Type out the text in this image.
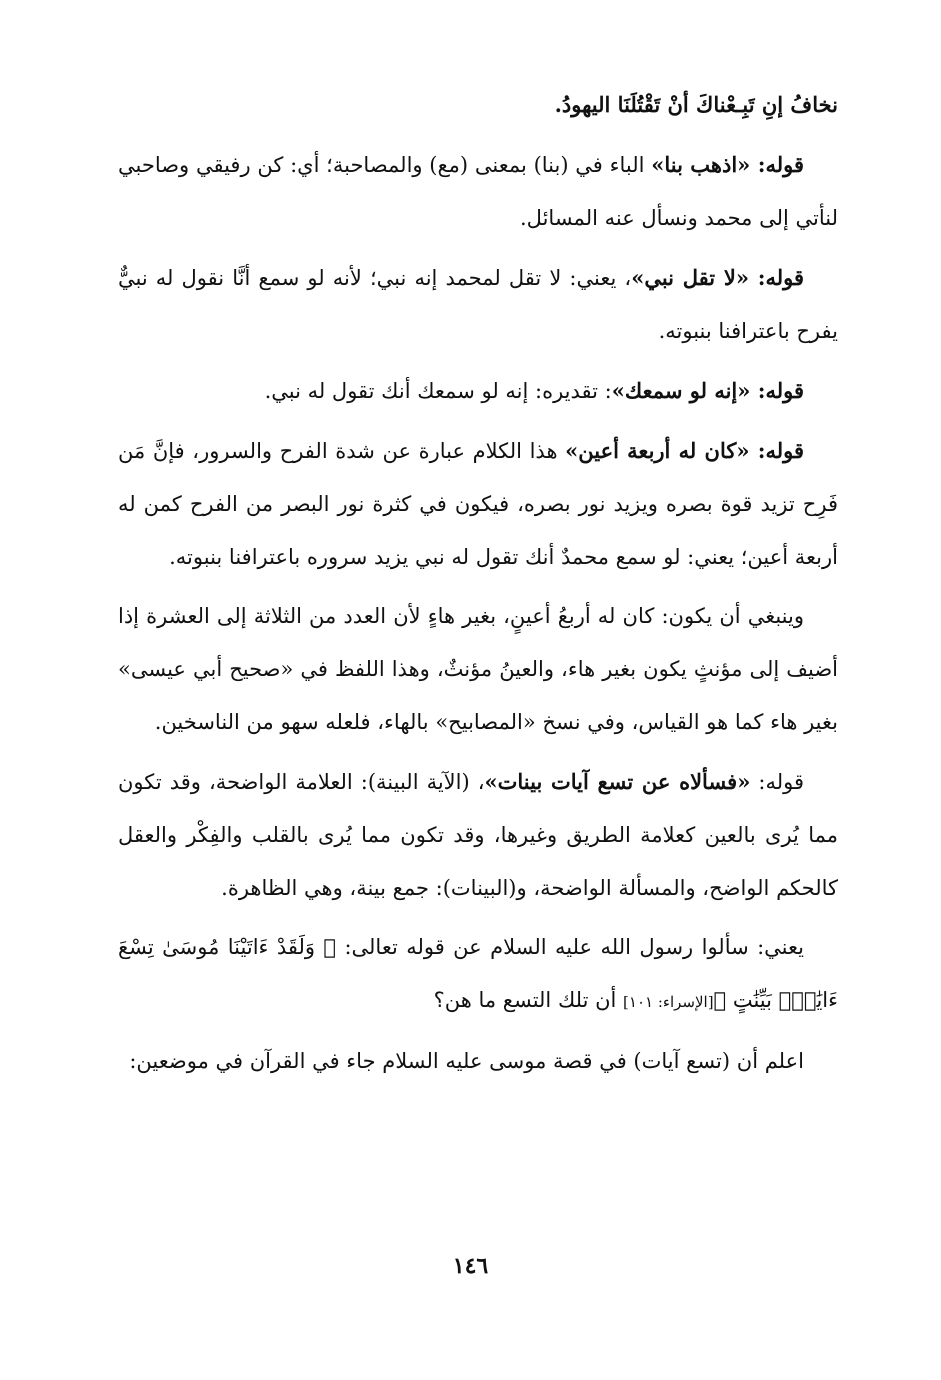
نخافُ إنِ تَبِـعْناكَ أنْ تَقْتُلَنَا اليهودُ.

قوله: «اذهب بنا» الباء في (بنا) بمعنى (مع) والمصاحبة؛ أي: كن رفيقي وصاحبي لنأتي إلى محمد ونسأل عنه المسائل.

قوله: «لا تقل نبي»، يعني: لا تقل لمحمد إنه نبي؛ لأنه لو سمع أنَّا نقول له نبيٌّ يفرح باعترافنا بنبوته.

قوله: «إنه لو سمعك»: تقديره: إنه لو سمعك أنك تقول له نبي.

قوله: «كان له أربعة أعين» هذا الكلام عبارة عن شدة الفرح والسرور، فإنَّ مَن فَرِح تزيد قوة بصره ويزيد نور بصره، فيكون في كثرة نور البصر من الفرح كمن له أربعة أعين؛ يعني: لو سمع محمدٌ أنك تقول له نبي يزيد سروره باعترافنا بنبوته.

وينبغي أن يكون: كان له أربعُ أعينٍ، بغير هاءٍ لأن العدد من الثلاثة إلى العشرة إذا أضيف إلى مؤنثٍ يكون بغير هاء، والعينُ مؤنثٌ، وهذا اللفظ في «صحيح أبي عيسى» بغير هاء كما هو القياس، وفي نسخ «المصابيح» بالهاء، فلعله سهو من الناسخين.

قوله: «فسألاه عن تسع آيات بينات»، (الآية البينة): العلامة الواضحة، وقد تكون مما يُرى بالعين كعلامة الطريق وغيرها، وقد تكون مما يُرى بالقلب والفِكْر والعقل كالحكم الواضح، والمسألة الواضحة، و(البينات): جمع بينة، وهي الظاهرة.

يعني: سألوا رسول الله عليه السلام عن قوله تعالى: ﴿ وَلَقَدْ ءَاتَيْنَا مُوسَىٰ تِسْعَ ءَايَٰتٍۭ بَيِّنَٰتٍ ﴾[الإسراء: ١٠١] أن تلك التسع ما هن؟

اعلم أن (تسع آيات) في قصة موسى عليه السلام جاء في القرآن في موضعين:

١٤٦
